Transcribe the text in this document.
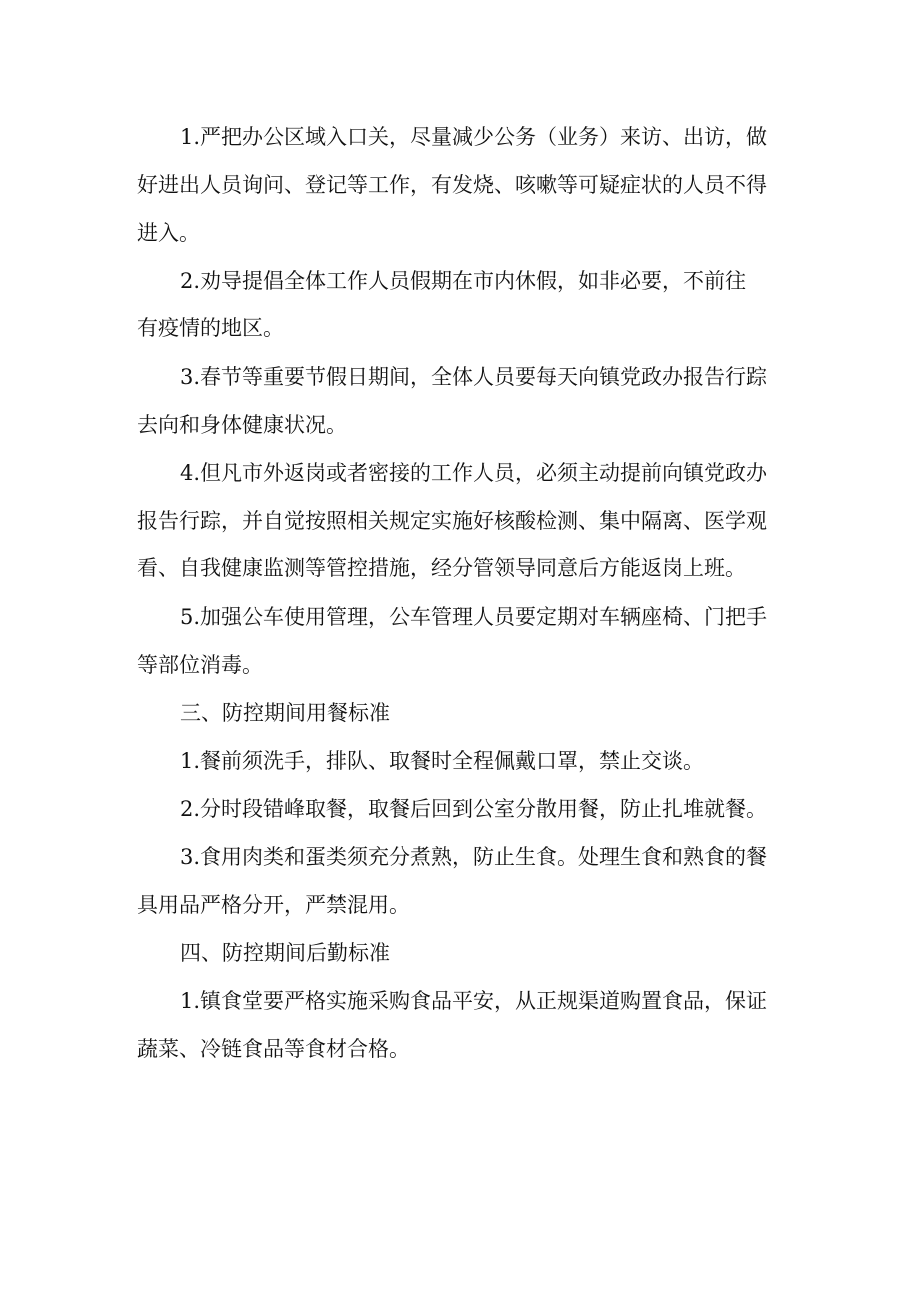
1.严把办公区域入口关，尽量减少公务（业务）来访、出访，做
好进出人员询问、登记等工作，有发烧、咳嗽等可疑症状的人员不得
进入。
2.劝导提倡全体工作人员假期在市内休假，如非必要，不前往
有疫情的地区。
3.春节等重要节假日期间，全体人员要每天向镇党政办报告行踪
去向和身体健康状况。
4.但凡市外返岗或者密接的工作人员，必须主动提前向镇党政办
报告行踪，并自觉按照相关规定实施好核酸检测、集中隔离、医学观
看、自我健康监测等管控措施，经分管领导同意后方能返岗上班。
5.加强公车使用管理，公车管理人员要定期对车辆座椅、门把手
等部位消毒。
三、防控期间用餐标准
1.餐前须洗手，排队、取餐时全程佩戴口罩，禁止交谈。
2.分时段错峰取餐，取餐后回到公室分散用餐，防止扎堆就餐。
3.食用肉类和蛋类须充分煮熟，防止生食。处理生食和熟食的餐
具用品严格分开，严禁混用。
四、防控期间后勤标准
1.镇食堂要严格实施采购食品平安，从正规渠道购置食品，保证
蔬菜、冷链食品等食材合格。
